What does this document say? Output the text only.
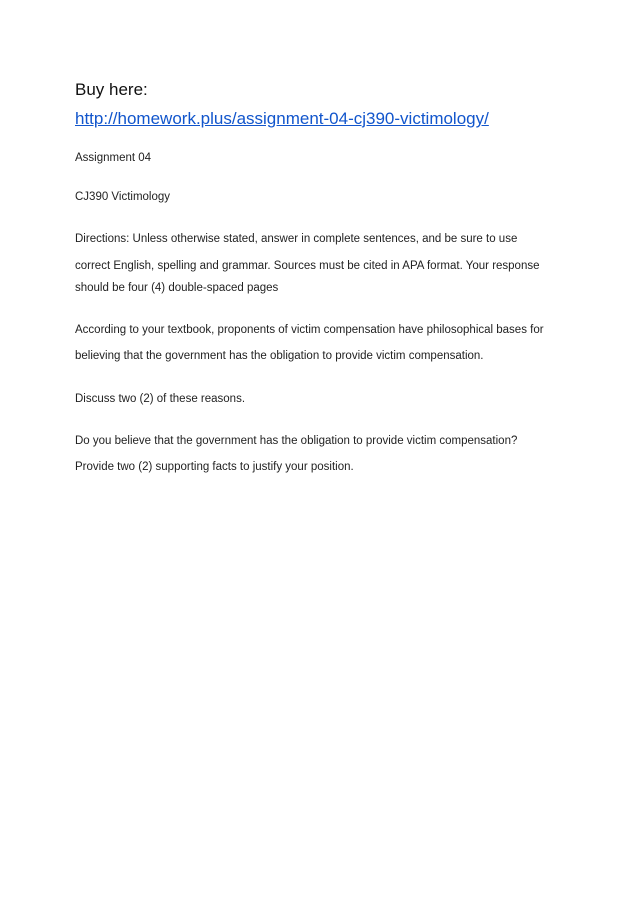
Buy here:
http://homework.plus/assignment-04-cj390-victimology/
Assignment 04
CJ390 Victimology
Directions: Unless otherwise stated, answer in complete sentences, and be sure to use
correct English, spelling and grammar. Sources must be cited in APA format. Your response
should be four (4) double-spaced pages
According to your textbook, proponents of victim compensation have philosophical bases for
believing that the government has the obligation to provide victim compensation.
Discuss two (2) of these reasons.
Do you believe that the government has the obligation to provide victim compensation?
Provide two (2) supporting facts to justify your position.
